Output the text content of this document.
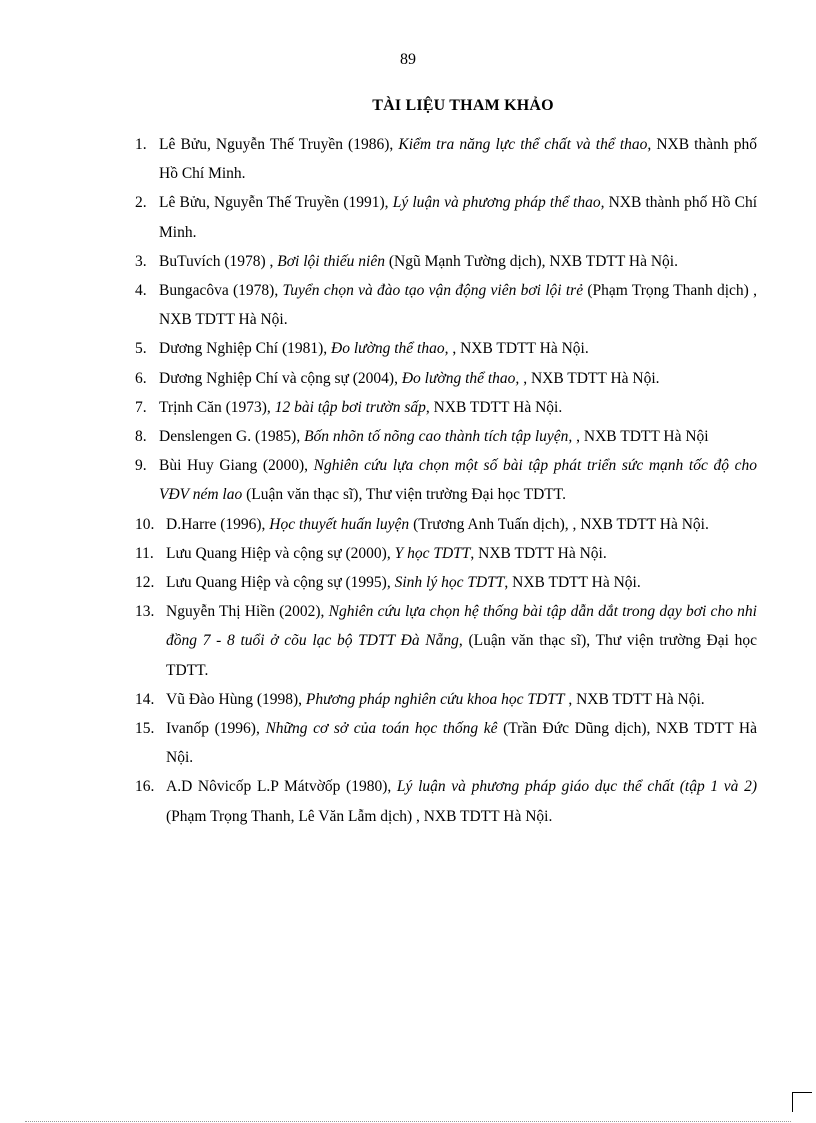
89
TÀI LIỆU THAM KHẢO
1. Lê Bửu, Nguyễn Thế Truyền (1986), Kiểm tra năng lực thể chất và thể thao, NXB thành phố Hồ Chí Minh.
2. Lê Bửu, Nguyễn Thế Truyền (1991), Lý luận và phương pháp thể thao, NXB thành phố Hồ Chí Minh.
3. BuTuvích (1978) , Bơi lội thiếu niên (Ngũ Mạnh Tường dịch), NXB TDTT Hà Nội.
4. Bungacôva (1978), Tuyển chọn và đào tạo vận động viên bơi lội trẻ (Phạm Trọng Thanh dịch) , NXB TDTT Hà Nội.
5. Dương Nghiệp Chí (1981), Đo lường thể thao, , NXB TDTT Hà Nội.
6. Dương Nghiệp Chí và cộng sự (2004), Đo lường thể thao, , NXB TDTT Hà Nội.
7. Trịnh Căn (1973), 12 bài tập bơi trườn sấp, NXB TDTT Hà Nội.
8. Denslengen G. (1985), Bốn nhõn tố nõng cao thành tích tập luyện, , NXB TDTT Hà Nội
9. Bùi Huy Giang (2000), Nghiên cứu lựa chọn một số bài tập phát triển sức mạnh tốc độ cho VĐV ném lao (Luận văn thạc sĩ), Thư viện trường Đại học TDTT.
10. D.Harre (1996), Học thuyết huấn luyện (Trương Anh Tuấn dịch), , NXB TDTT Hà Nội.
11. Lưu Quang Hiệp và cộng sự (2000), Y học TDTT, NXB TDTT Hà Nội.
12. Lưu Quang Hiệp và cộng sự (1995), Sinh lý học TDTT, NXB TDTT Hà Nội.
13. Nguyễn Thị Hiền (2002), Nghiên cứu lựa chọn hệ thống bài tập dẫn dắt trong dạy bơi cho nhi đồng 7 - 8 tuổi ở cõu lạc bộ TDTT Đà Nẵng, (Luận văn thạc sĩ), Thư viện trường Đại học TDTT.
14. Vũ Đào Hùng (1998), Phương pháp nghiên cứu khoa học TDTT , NXB TDTT Hà Nội.
15. Ivanốp (1996), Những cơ sở của toán học thống kê (Trần Đức Dũng dịch), NXB TDTT Hà Nội.
16. A.D Nôvicốp L.P Mátvờốp (1980), Lý luận và phương pháp giáo dục thể chất (tập 1 và 2) (Phạm Trọng Thanh, Lê Văn Lẫm dịch) , NXB TDTT Hà Nội.
